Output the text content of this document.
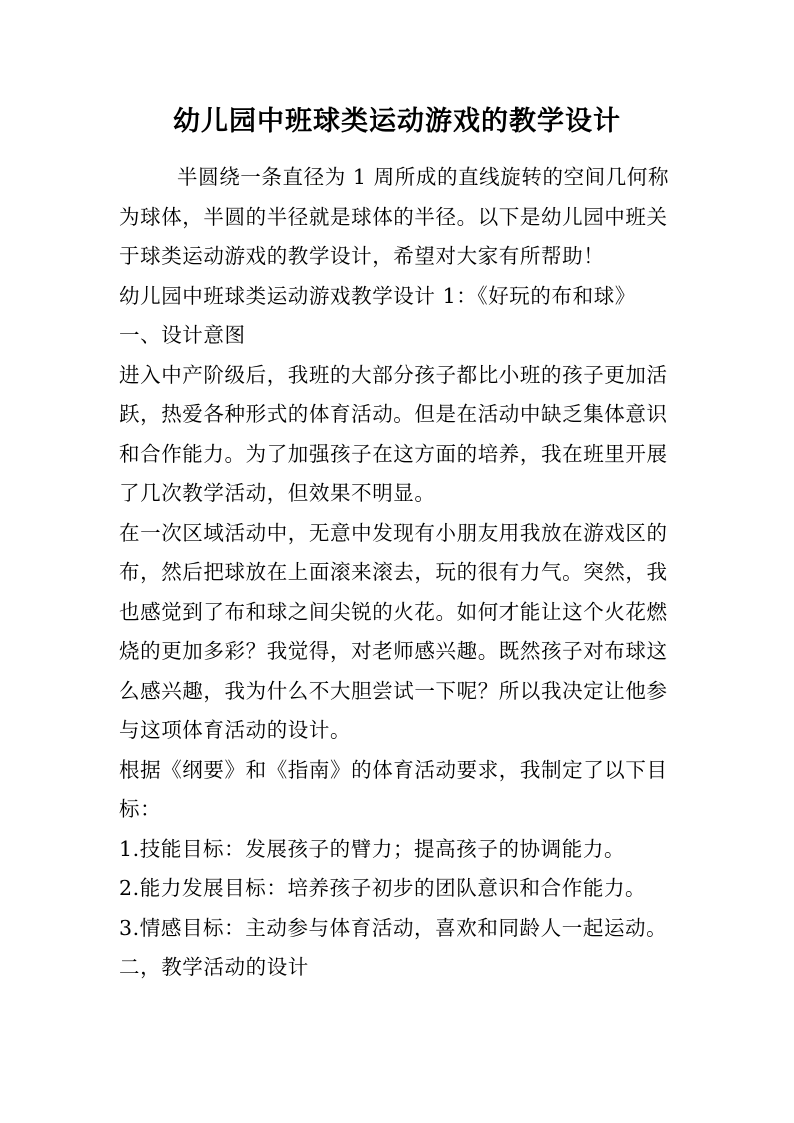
幼儿园中班球类运动游戏的教学设计

半圆绕一条直径为 1 周所成的直线旋转的空间几何称为球体，半圆的半径就是球体的半径。以下是幼儿园中班关于球类运动游戏的教学设计，希望对大家有所帮助！

幼儿园中班球类运动游戏教学设计 1：《好玩的布和球》

一、设计意图

进入中产阶级后，我班的大部分孩子都比小班的孩子更加活跃，热爱各种形式的体育活动。但是在活动中缺乏集体意识和合作能力。为了加强孩子在这方面的培养，我在班里开展了几次教学活动，但效果不明显。

在一次区域活动中，无意中发现有小朋友用我放在游戏区的布，然后把球放在上面滚来滚去，玩的很有力气。突然，我也感觉到了布和球之间尖锐的火花。如何才能让这个火花燃烧的更加多彩？我觉得，对老师感兴趣。既然孩子对布球这么感兴趣，我为什么不大胆尝试一下呢？所以我决定让他参与这项体育活动的设计。

根据《纲要》和《指南》的体育活动要求，我制定了以下目标：

1.技能目标：发展孩子的臂力；提高孩子的协调能力。

2.能力发展目标：培养孩子初步的团队意识和合作能力。

3.情感目标：主动参与体育活动，喜欢和同龄人一起运动。

二，教学活动的设计
